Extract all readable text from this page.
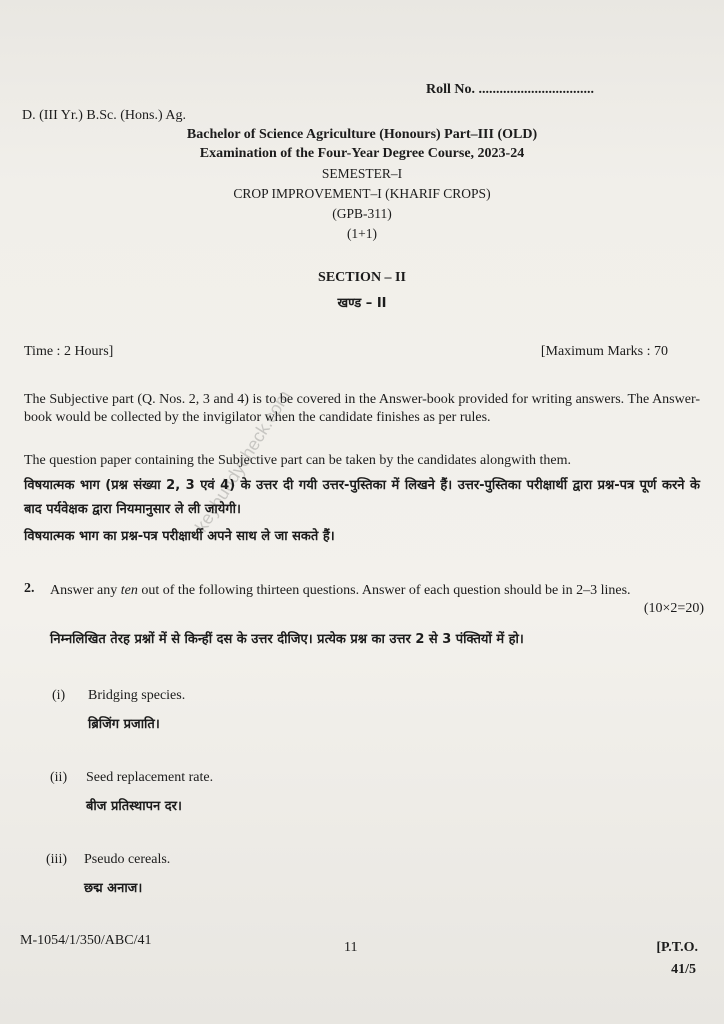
keybuddycheck.com
Roll No. .................................
D. (III Yr.) B.Sc. (Hons.) Ag.
Bachelor of Science Agriculture (Honours) Part–III (OLD)
Examination of the Four-Year Degree Course, 2023-24
SEMESTER–I
CROP IMPROVEMENT–I (KHARIF CROPS)
(GPB-311)
(1+1)
SECTION – II
खण्ड – II
Time : 2 Hours]	[Maximum Marks : 70
The Subjective part (Q. Nos. 2, 3 and 4) is to be covered in the Answer-book provided for writing answers. The Answer-book would be collected by the invigilator when the candidate finishes as per rules.
The question paper containing the Subjective part can be taken by the candidates alongwith them.
विषयात्मक भाग (प्रश्न संख्या 2, 3 एवं 4) के उत्तर दी गयी उत्तर-पुस्तिका में लिखने हैं। उत्तर-पुस्तिका परीक्षार्थी द्वारा प्रश्न-पत्र पूर्ण करने के बाद पर्यवेक्षक द्वारा नियमानुसार ले ली जायेगी।
विषयात्मक भाग का प्रश्न-पत्र परीक्षार्थी अपने साथ ले जा सकते हैं।
2. Answer any ten out of the following thirteen questions. Answer of each question should be in 2–3 lines.
(10×2=20)
निम्नलिखित तेरह प्रश्नों में से किन्हीं दस के उत्तर दीजिए। प्रत्येक प्रश्न का उत्तर 2 से 3 पंक्तियों में हो।
(i) Bridging species.
ब्रिजिंग प्रजाति।
(ii) Seed replacement rate.
बीज प्रतिस्थापन दर।
(iii) Pseudo cereals.
छद्म अनाज।
M-1054/1/350/ABC/41	11	[P.T.O.
41/5
